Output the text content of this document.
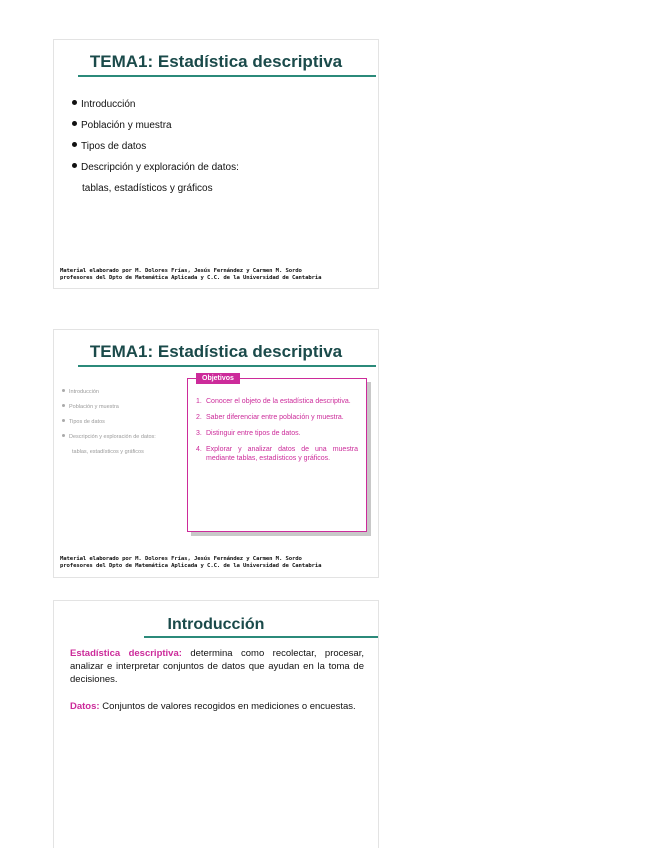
TEMA1: Estadística descriptiva
Introducción
Población y muestra
Tipos de datos
Descripción y exploración de datos:
tablas, estadísticos y gráficos
Material elaborado por M. Dolores Frías, Jesús Fernández y Carmen M. Sordo
profesores del Dpto de Matemática Aplicada y C.C. de la Universidad de Cantabria
TEMA1: Estadística descriptiva
Introducción
Población y muestra
Tipos de datos
Descripción y exploración de datos:
tablas, estadísticos y gráficos
Objetivos
1. Conocer el objeto de la estadística descriptiva.
2. Saber diferenciar entre población y muestra.
3. Distinguir entre tipos de datos.
4. Explorar y analizar datos de una muestra mediante tablas, estadísticos y gráficos.
Material elaborado por M. Dolores Frías, Jesús Fernández y Carmen M. Sordo
profesores del Dpto de Matemática Aplicada y C.C. de la Universidad de Cantabria
Introducción
Estadística descriptiva: determina como recolectar, procesar, analizar e interpretar conjuntos de datos que ayudan en la toma de decisiones.
Datos: Conjuntos de valores recogidos en mediciones o encuestas.
